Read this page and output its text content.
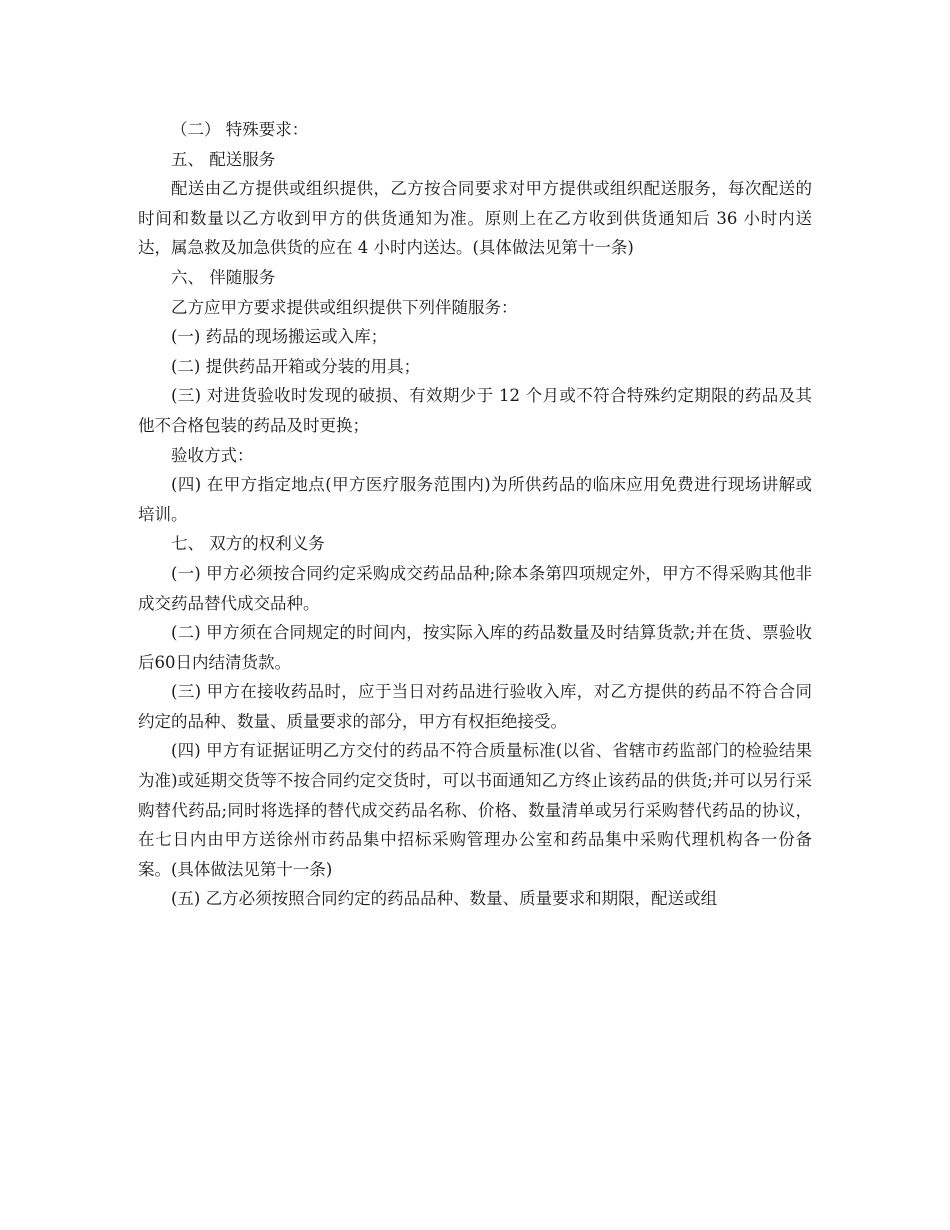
（二） 特殊要求：

五、 配送服务

配送由乙方提供或组织提供，乙方按合同要求对甲方提供或组织配送服务，每次配送的时间和数量以乙方收到甲方的供货通知为准。原则上在乙方收到供货通知后 36 小时内送达，属急救及加急供货的应在 4 小时内送达。(具体做法见第十一条)

六、 伴随服务

乙方应甲方要求提供或组织提供下列伴随服务：

(一) 药品的现场搬运或入库；

(二) 提供药品开箱或分装的用具；

(三) 对进货验收时发现的破损、有效期少于 12 个月或不符合特殊约定期限的药品及其他不合格包装的药品及时更换；

验收方式：

(四) 在甲方指定地点(甲方医疗服务范围内)为所供药品的临床应用免费进行现场讲解或培训。

七、 双方的权利义务

(一) 甲方必须按合同约定采购成交药品品种;除本条第四项规定外，甲方不得采购其他非成交药品替代成交品种。

(二) 甲方须在合同规定的时间内，按实际入库的药品数量及时结算货款;并在货、票验收后60日内结清货款。

(三) 甲方在接收药品时，应于当日对药品进行验收入库，对乙方提供的药品不符合合同约定的品种、数量、质量要求的部分，甲方有权拒绝接受。

(四) 甲方有证据证明乙方交付的药品不符合质量标准(以省、省辖市药监部门的检验结果为准)或延期交货等不按合同约定交货时，可以书面通知乙方终止该药品的供货;并可以另行采购替代药品;同时将选择的替代成交药品名称、价格、数量清单或另行采购替代药品的协议，在七日内由甲方送徐州市药品集中招标采购管理办公室和药品集中采购代理机构各一份备案。(具体做法见第十一条)

(五) 乙方必须按照合同约定的药品品种、数量、质量要求和期限，配送或组
